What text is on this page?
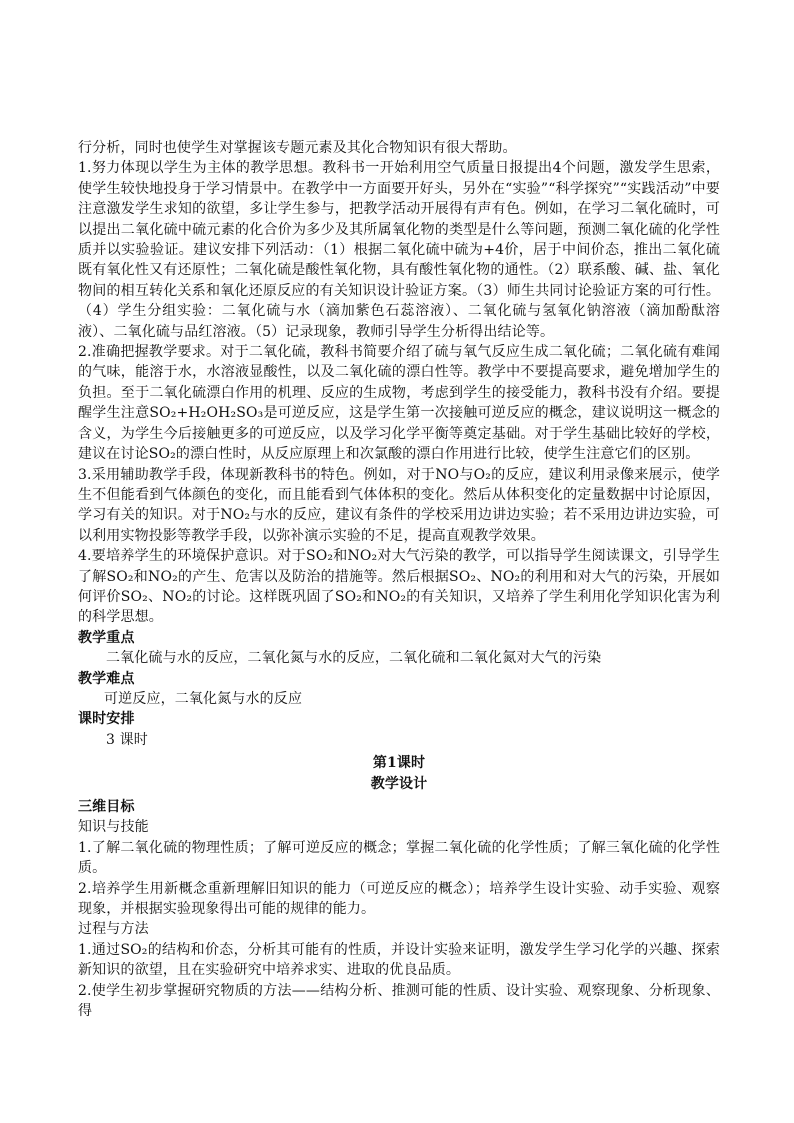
行分析，同时也使学生对掌握该专题元素及其化合物知识有很大帮助。

1.努力体现以学生为主体的教学思想。教科书一开始利用空气质量日报提出4个问题，激发学生思索，使学生较快地投身于学习情景中。在教学中一方面要开好头，另外在“实验”“科学探究”“实践活动”中要注意激发学生求知的欲望，多让学生参与，把教学活动开展得有声有色。例如，在学习二氧化硫时，可以提出二氧化硫中硫元素的化合价为多少及其所属氧化物的类型是什么等问题，预测二氧化硫的化学性质并以实验验证。建议安排下列活动：（1）根据二氧化硫中硫为+4价，居于中间价态，推出二氧化硫既有氧化性又有还原性；二氧化硫是酸性氧化物，具有酸性氧化物的通性。（2）联系酸、碱、盐、氧化物间的相互转化关系和氧化还原反应的有关知识设计验证方案。（3）师生共同讨论验证方案的可行性。（4）学生分组实验：二氧化硫与水（滴加紫色石蕊溶液）、二氧化硫与氢氧化钠溶液（滴加酚酞溶液）、二氧化硫与品红溶液。（5）记录现象，教师引导学生分析得出结论等。

2.准确把握教学要求。对于二氧化硫，教科书简要介绍了硫与氧气反应生成二氧化硫；二氧化硫有难闻的气味，能溶于水，水溶液显酸性，以及二氧化硫的漂白性等。教学中不要提高要求，避免增加学生的负担。至于二氧化硫漂白作用的机理、反应的生成物，考虑到学生的接受能力，教科书没有介绍。要提醒学生注意SO₂+H₂OH₂SO₃是可逆反应，这是学生第一次接触可逆反应的概念，建议说明这一概念的含义，为学生今后接触更多的可逆反应，以及学习化学平衡等奠定基础。对于学生基础比较好的学校，建议在讨论SO₂的漂白性时，从反应原理上和次氯酸的漂白作用进行比较，使学生注意它们的区别。

3.采用辅助教学手段，体现新教科书的特色。例如，对于NO与O₂的反应，建议利用录像来展示，使学生不但能看到气体颜色的变化，而且能看到气体体积的变化。然后从体积变化的定量数据中讨论原因，学习有关的知识。对于NO₂与水的反应，建议有条件的学校采用边讲边实验；若不采用边讲边实验，可以利用实物投影等教学手段，以弥补演示实验的不足，提高直观教学效果。

4.要培养学生的环境保护意识。对于SO₂和NO₂对大气污染的教学，可以指导学生阅读课文，引导学生了解SO₂和NO₂的产生、危害以及防治的措施等。然后根据SO₂、NO₂的利用和对大气的污染，开展如何评价SO₂、NO₂的讨论。这样既巩固了SO₂和NO₂的有关知识，又培养了学生利用化学知识化害为利的科学思想。

教学重点

二氧化硫与水的反应，二氧化氮与水的反应，二氧化硫和二氧化氮对大气的污染

教学难点

可逆反应，二氧化氮与水的反应

课时安排

3 课时

第1课时

教学设计

三维目标

知识与技能

1.了解二氧化硫的物理性质；了解可逆反应的概念；掌握二氧化硫的化学性质；了解三氧化硫的化学性质。

2.培养学生用新概念重新理解旧知识的能力（可逆反应的概念）；培养学生设计实验、动手实验、观察现象，并根据实验现象得出可能的规律的能力。

过程与方法

1.通过SO₂的结构和价态，分析其可能有的性质，并设计实验来证明，激发学生学习化学的兴趣、探索新知识的欲望，且在实验研究中培养求实、进取的优良品质。

2.使学生初步掌握研究物质的方法——结构分析、推测可能的性质、设计实验、观察现象、分析现象、得
